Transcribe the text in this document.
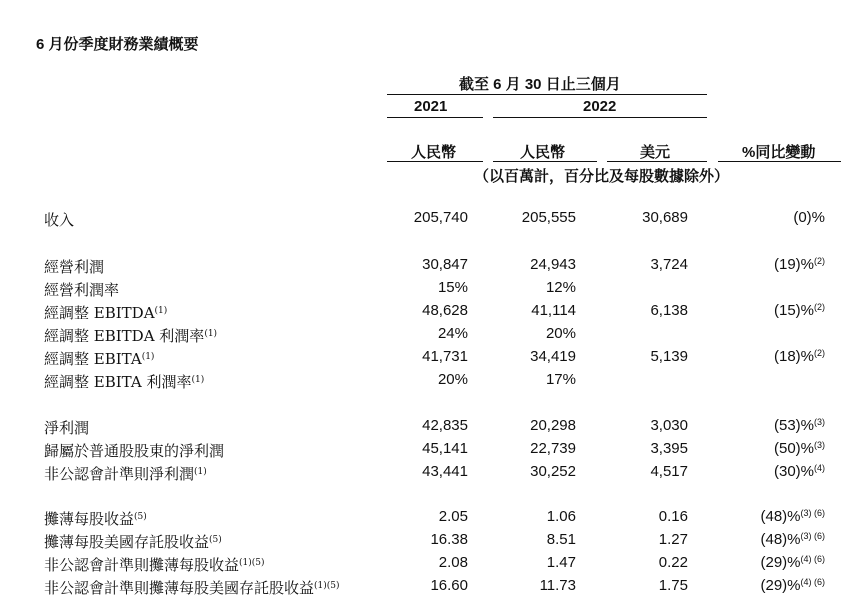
6 月份季度財務業績概要
截至 6 月 30 日止三個月
2021	2022
人民幣	人民幣	美元	%同比變動
（以百萬計，百分比及每股數據除外）
收入	205,740	205,555	30,689	(0)%
經營利潤	30,847	24,943	3,724	(19)%$^{(2)}$
經營利潤率	15%	12%
經調整 EBITDA$^{(1)}$	48,628	41,114	6,138	(15)%$^{(2)}$
經調整 EBITDA 利潤率$^{(1)}$	24%	20%
經調整 EBITA$^{(1)}$	41,731	34,419	5,139	(18)%$^{(2)}$
經調整 EBITA 利潤率$^{(1)}$	20%	17%
淨利潤	42,835	20,298	3,030	(53)%$^{(3)}$
歸屬於普通股股東的淨利潤	45,141	22,739	3,395	(50)%$^{(3)}$
非公認會計準則淨利潤$^{(1)}$	43,441	30,252	4,517	(30)%$^{(4)}$
攤薄每股收益$^{(5)}$	2.05	1.06	0.16	(48)%$^{(3) (6)}$
攤薄每股美國存託股收益$^{(5)}$	16.38	8.51	1.27	(48)%$^{(3) (6)}$
非公認會計準則攤薄每股收益$^{(1)(5)}$	2.08	1.47	0.22	(29)%$^{(4) (6)}$
非公認會計準則攤薄每股美國存託股收益$^{(1)(5)}$	16.60	11.73	1.75	(29)%$^{(4) (6)}$
